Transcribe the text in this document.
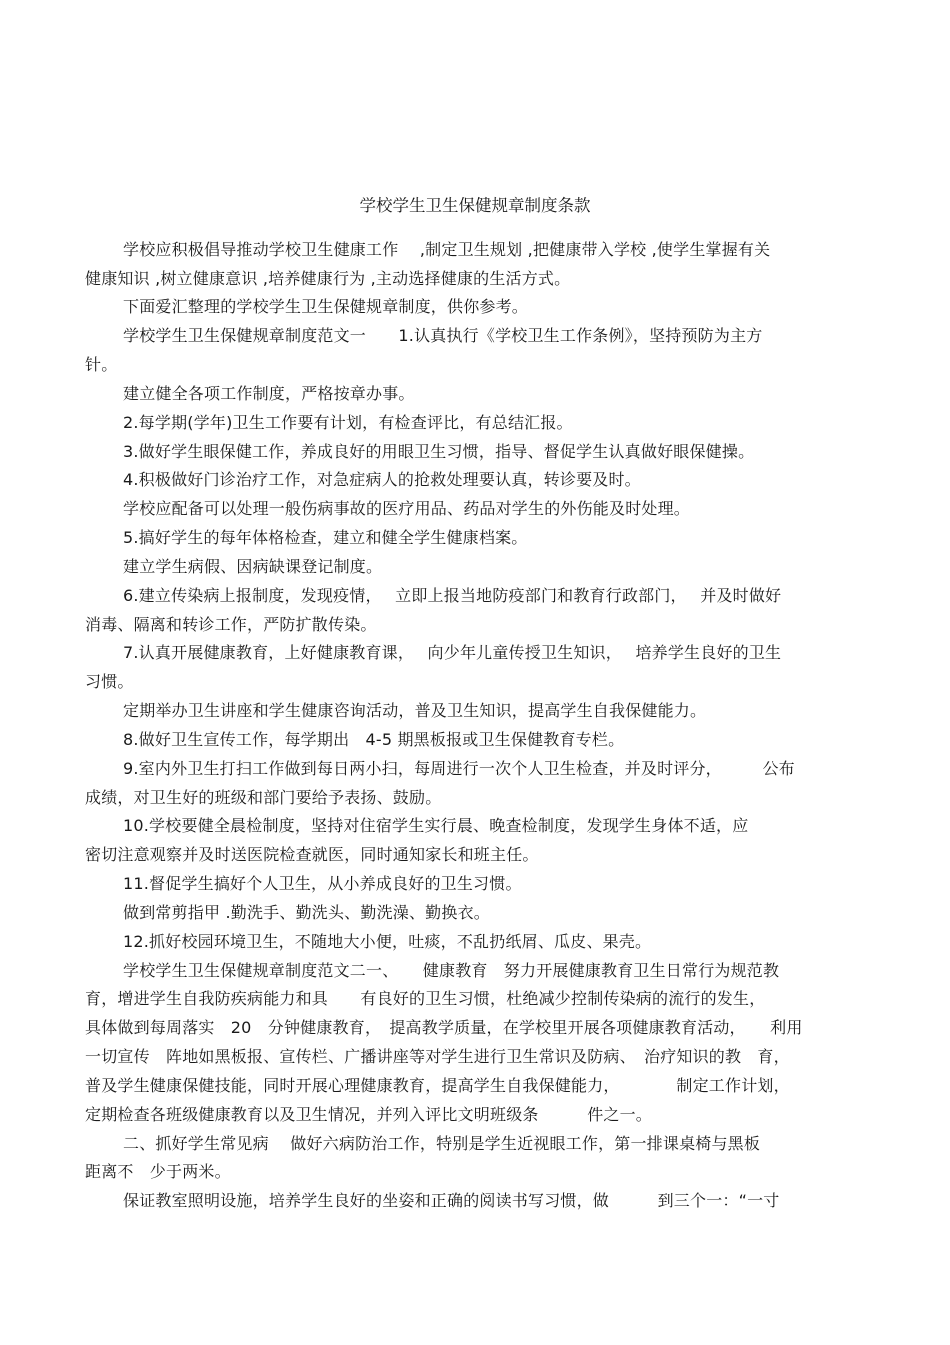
学校学生卫生保健规章制度条款
学校应积极倡导推动学校卫生健康工作　 ,制定卫生规划 ,把健康带入学校 ,使学生掌握有关
健康知识 ,树立健康意识 ,培养健康行为 ,主动选择健康的生活方式。
下面爱汇整理的学校学生卫生保健规章制度，供你参考。
学校学生卫生保健规章制度范文一　　1.认真执行《学校卫生工作条例》，坚持预防为主方
针。
建立健全各项工作制度，严格按章办事。
2.每学期(学年)卫生工作要有计划，有检查评比，有总结汇报。
3.做好学生眼保健工作，养成良好的用眼卫生习惯，指导、督促学生认真做好眼保健操。
4.积极做好门诊治疗工作，对急症病人的抢救处理要认真，转诊要及时。
学校应配备可以处理一般伤病事故的医疗用品、药品对学生的外伤能及时处理。
5.搞好学生的每年体格检查，建立和健全学生健康档案。
建立学生病假、因病缺课登记制度。
6.建立传染病上报制度，发现疫情，　 立即上报当地防疫部门和教育行政部门，　 并及时做好
消毒、隔离和转诊工作，严防扩散传染。
7.认真开展健康教育，上好健康教育课，　 向少年儿童传授卫生知识，　 培养学生良好的卫生
习惯。
定期举办卫生讲座和学生健康咨询活动，普及卫生知识，提高学生自我保健能力。
8.做好卫生宣传工作，每学期出　4-5 期黑板报或卫生保健教育专栏。
9.室内外卫生打扫工作做到每日两小扫，每周进行一次个人卫生检查，并及时评分，　　　公布
成绩，对卫生好的班级和部门要给予表扬、鼓励。
10.学校要健全晨检制度，坚持对住宿学生实行晨、晚查检制度，发现学生身体不适，应
密切注意观察并及时送医院检查就医，同时通知家长和班主任。
11.督促学生搞好个人卫生，从小养成良好的卫生习惯。
做到常剪指甲 .勤洗手、勤洗头、勤洗澡、勤换衣。
12.抓好校园环境卫生，不随地大小便，吐痰，不乱扔纸屑、瓜皮、果壳。
学校学生卫生保健规章制度范文二一、　　健康教育　努力开展健康教育卫生日常行为规范教
育，增进学生自我防疾病能力和具　　有良好的卫生习惯，杜绝减少控制传染病的流行的发生，
具体做到每周落实　20　分钟健康教育，　提高教学质量，在学校里开展各项健康教育活动，　　利用
一切宣传　阵地如黑板报、宣传栏、广播讲座等对学生进行卫生常识及防病、　治疗知识的教　育，
普及学生健康保健技能，同时开展心理健康教育，提高学生自我保健能力，　　　　制定工作计划，
定期检查各班级健康教育以及卫生情况，并列入评比文明班级条　　　件之一。
二、抓好学生常见病　 做好六病防治工作，特别是学生近视眼工作，第一排课桌椅与黑板
距离不　少于两米。
保证教室照明设施，培养学生良好的坐姿和正确的阅读书写习惯，做　　　到三个一：“一寸
